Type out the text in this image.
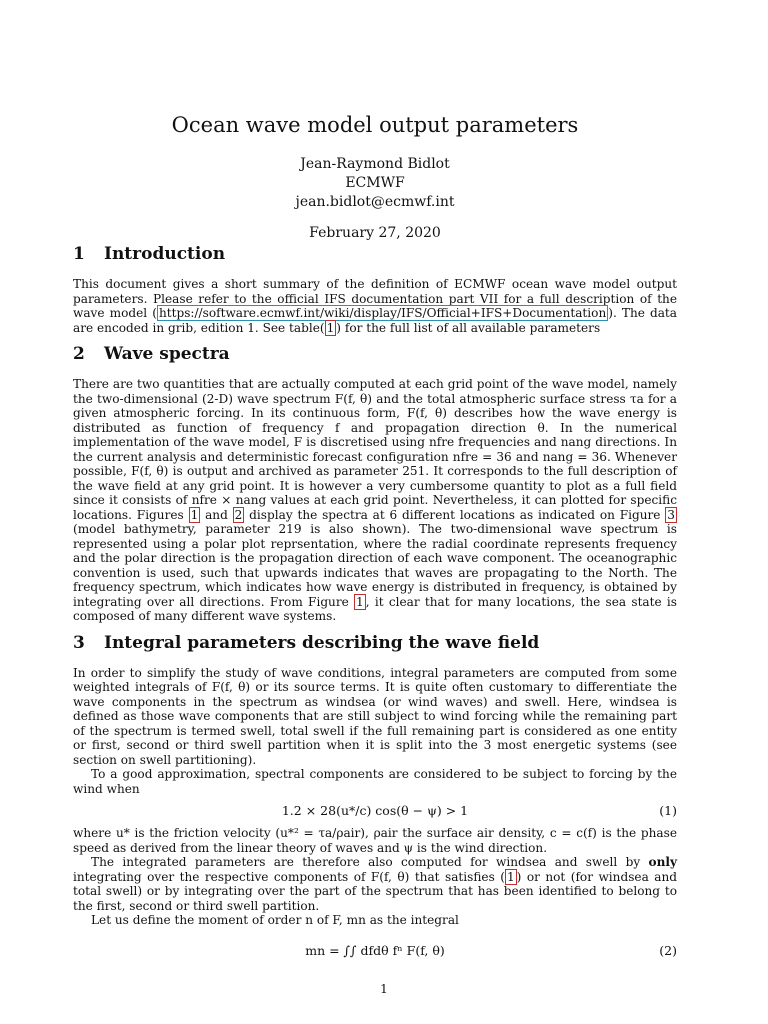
Ocean wave model output parameters
Jean-Raymond Bidlot
ECMWF
jean.bidlot@ecmwf.int
February 27, 2020
1 Introduction

This document gives a short summary of the definition of ECMWF ocean wave model output parameters. Please refer to the official IFS documentation part VII for a full description of the wave model ( https://software.ecmwf.int/wiki/display/IFS/Official+IFS+Documentation ). The data are encoded in grib, edition 1. See table( 1 ) for the full list of all available parameters

2 Wave spectra

There are two quantities that are actually computed at each grid point of the wave model, namely the two-dimensional (2-D) wave spectrum F(f, θ) and the total atmospheric surface stress τa for a given atmospheric forcing. In its continuous form, F(f, θ) describes how the wave energy is distributed as function of frequency f and propagation direction θ. In the numerical implementation of the wave model, F is discretised using nfre frequencies and nang directions. In the current analysis and deterministic forecast configuration nfre = 36 and nang = 36. Whenever possible, F(f, θ) is output and archived as parameter 251. It corresponds to the full description of the wave field at any grid point. It is however a very cumbersome quantity to plot as a full field since it consists of nfre × nang values at each grid point. Nevertheless, it can plotted for specific locations. Figures 1 and 2 display the spectra at 6 different locations as indicated on Figure 3 (model bathymetry, parameter 219 is also shown). The two-dimensional wave spectrum is represented using a polar plot reprsentation, where the radial coordinate represents frequency and the polar direction is the propagation direction of each wave component. The oceanographic convention is used, such that upwards indicates that waves are propagating to the North. The frequency spectrum, which indicates how wave energy is distributed in frequency, is obtained by integrating over all directions. From Figure 1 , it clear that for many locations, the sea state is composed of many different wave systems.

3 Integral parameters describing the wave field

In order to simplify the study of wave conditions, integral parameters are computed from some weighted integrals of F(f, θ) or its source terms. It is quite often customary to differentiate the wave components in the spectrum as windsea (or wind waves) and swell. Here, windsea is defined as those wave components that are still subject to wind forcing while the remaining part of the spectrum is termed swell, total swell if the full remaining part is considered as one entity or first, second or third swell partition when it is split into the 3 most energetic systems (see section on swell partitioning).

To a good approximation, spectral components are considered to be subject to forcing by the wind when

1.2 × 28(u*/c) cos(θ − ψ) > 1	(1)

where u* is the friction velocity (u*² = τa/ρair), ρair the surface air density, c = c(f) is the phase speed as derived from the linear theory of waves and ψ is the wind direction.

The integrated parameters are therefore also computed for windsea and swell by only integrating over the respective components of F(f, θ) that satisfies ( 1 ) or not (for windsea and total swell) or by integrating over the part of the spectrum that has been identified to belong to the first, second or third swell partition.

Let us define the moment of order n of F, mn as the integral

mn = ∫∫ dfdθ fⁿ F(f, θ)	(2)
1
